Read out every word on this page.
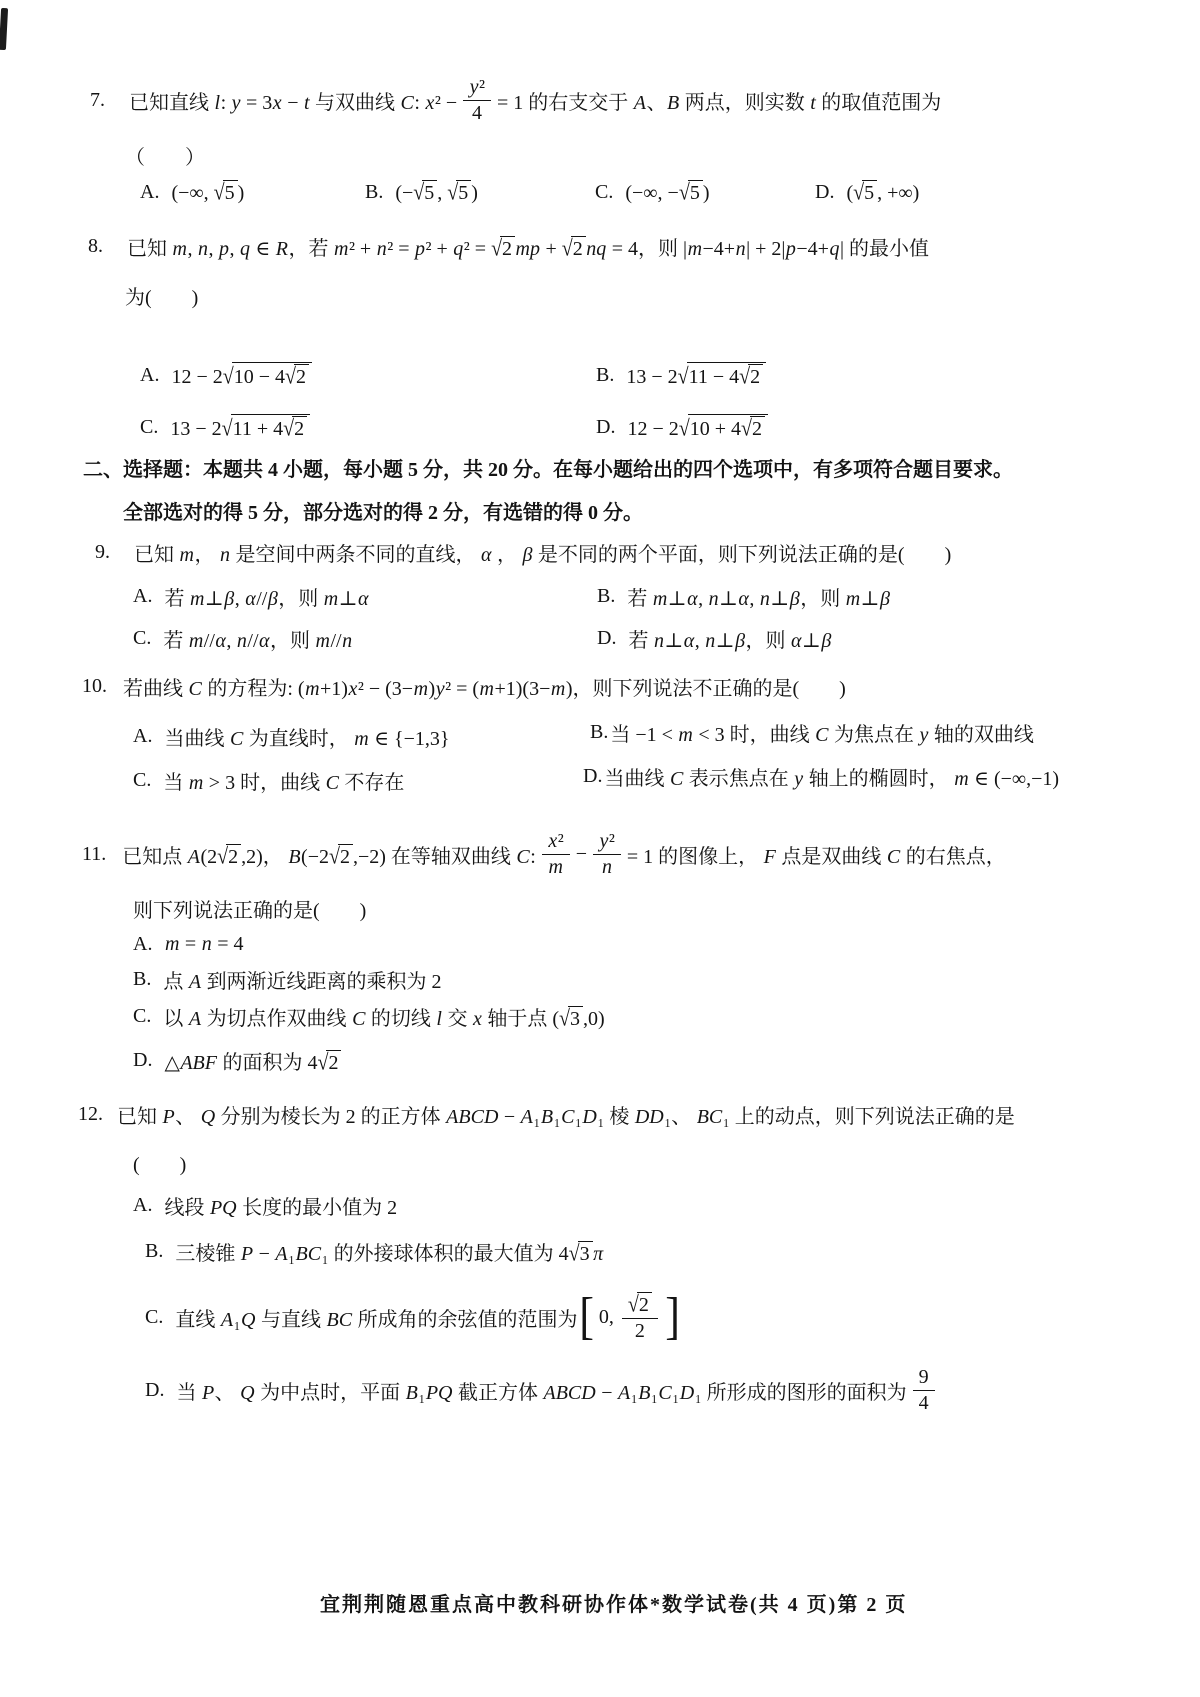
7. 已知直线 l: y = 3x − t 与双曲线 C: $x^2 - \frac{\text{y²}}{4} = 1$ 的右支交于 A、B 两点，则实数 t 的取值范围为
（　　）
A. (−∞, √5 )	B. (−√5 , √5 )	C. (−∞, −√5 )	D. (√5 , +∞)
8. 已知 m, n, p, q ∈ R，若 m² + n² = p² + q² = √2 mp + √2 nq = 4，则 |m−4+n| + 2|p−4+q| 的最小值
为(　　)
A. 12 − 2√10 − 4√2	B. 13 − 2√11 − 4√2
C. 13 − 2√11 + 4√2	D. 12 − 2√10 + 4√2
二、选择题：本题共 4 小题，每小题 5 分，共 20 分。在每小题给出的四个选项中，有多项符合题目要求。
全部选对的得 5 分，部分选对的得 2 分，有选错的得 0 分。
9. 已知 m， n 是空间中两条不同的直线， α ， β 是不同的两个平面，则下列说法正确的是(　　)
A. 若 m⊥β, α//β，则 m⊥α	B. 若 m⊥α, n⊥α, n⊥β，则 m⊥β
C. 若 m//α, n//α，则 m//n	D. 若 n⊥α, n⊥β，则 α⊥β
10. 若曲线 C 的方程为: (m+1)x² − (3−m)y² = (m+1)(3−m)，则下列说法不正确的是(　　)
A. 当曲线 C 为直线时， m ∈ {−1,3}	B. 当 −1 < m < 3 时，曲线 C 为焦点在 y 轴的双曲线
C. 当 m > 3 时，曲线 C 不存在	D. 当曲线 C 表示焦点在 y 轴上的椭圆时， m ∈ (−∞,−1)
11. 已知点 A(2√2 ,2)， B(−2√2 ,−2) 在等轴双曲线 C: $\frac{\text{x²}}{m} - \frac{\text{y²}}{n} = 1$ 的图像上， F 点是双曲线 C 的右焦点，
则下列说法正确的是(　　)
A. m = n = 4
B. 点 A 到两渐近线距离的乘积为 2
C. 以 A 为切点作双曲线 C 的切线 l 交 x 轴于点 (√3 ,0)
D. △ABF 的面积为 4√2
12. 已知 P、 Q 分别为棱长为 2 的正方体 ABCD − A₁B₁C₁D₁ 棱 DD₁、 BC₁ 上的动点，则下列说法正确的是
(　　)
A. 线段 PQ 长度的最小值为 2
B. 三棱锥 P − A₁BC₁ 的外接球体积的最大值为 4√3 π
C. 直线 A₁Q 与直线 BC 所成角的余弦值的范围为 [ 0, $\frac{√2}{2}$ ]
D. 当 P、 Q 为中点时，平面 B₁PQ 截正方体 ABCD − A₁B₁C₁D₁ 所形成的图形的面积为 $\frac{9}{4}$
宜荆荆随恩重点高中教科研协作体*数学试卷(共 4 页)第 2 页
